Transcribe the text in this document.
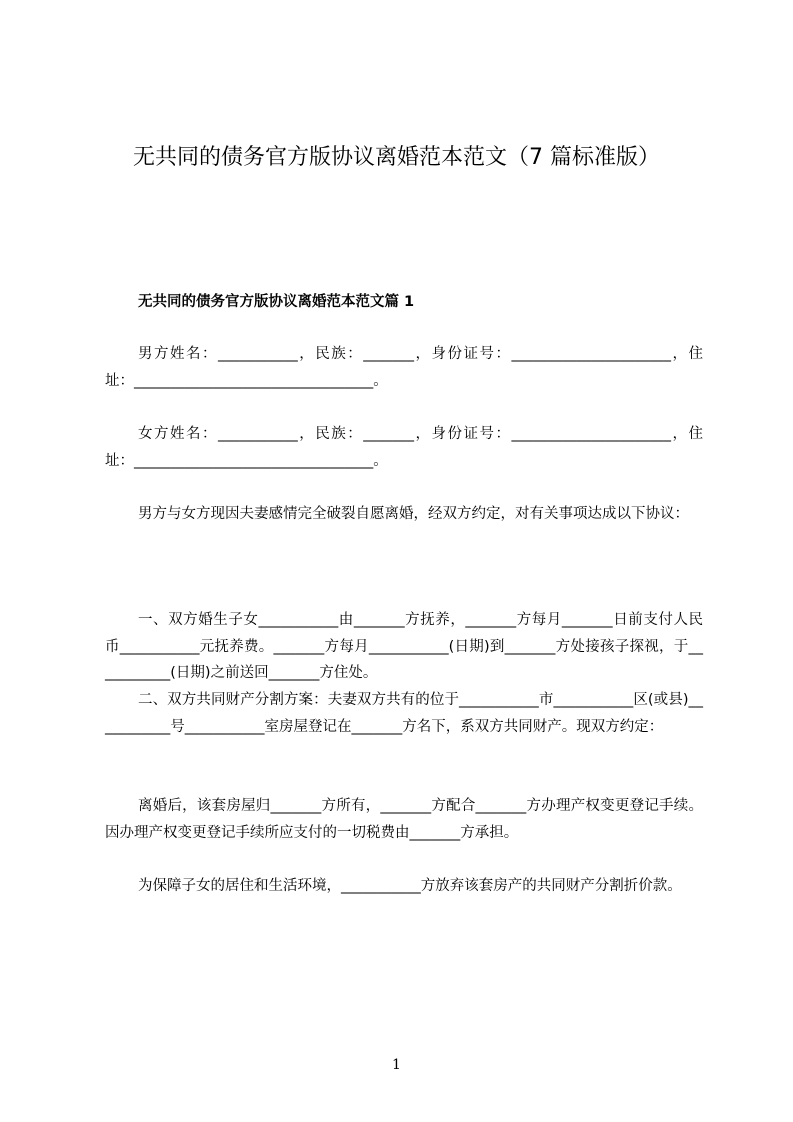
无共同的债务官方版协议离婚范本范文（7 篇标准版）
无共同的债务官方版协议离婚范本范文篇 1

男方姓名：___________，民族：_______，身份证号：______________________，住址：_________________________________。

女方姓名：___________，民族：_______，身份证号：______________________，住址：_________________________________。

男方与女方现因夫妻感情完全破裂自愿离婚，经双方约定，对有关事项达成以下协议：

一、双方婚生子女___________由_______方抚养，_______方每月_______日前支付人民币___________元抚养费。_______方每月___________(日期)到_______方处接孩子探视，于___________(日期)之前送回_______方住处。

二、双方共同财产分割方案：夫妻双方共有的位于___________市___________区(或县)___________号___________室房屋登记在_______方名下，系双方共同财产。现双方约定：

离婚后，该套房屋归_______方所有，_______方配合_______方办理产权变更登记手续。因办理产权变更登记手续所应支付的一切税费由_______方承担。

为保障子女的居住和生活环境，___________方放弃该套房产的共同财产分割折价款。

1
